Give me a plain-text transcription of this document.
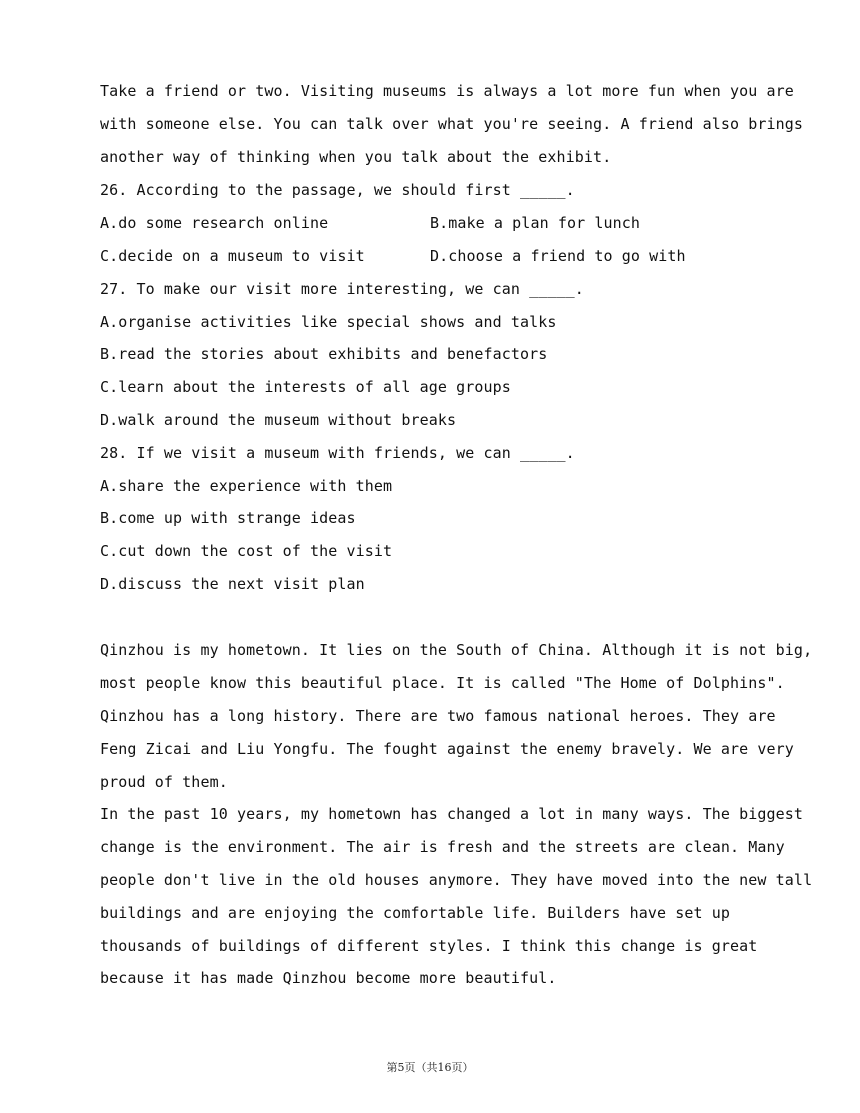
Take a friend or two. Visiting museums is always a lot more fun when you are
with someone else. You can talk over what you're seeing. A friend also brings
another way of thinking when you talk about the exhibit.
26. According to the passage, we should first _____.
A.do some research online	B.make a plan for lunch
C.decide on a museum to visit	D.choose a friend to go with
27. To make our visit more interesting, we can _____.
A.organise activities like special shows and talks
B.read the stories about exhibits and benefactors
C.learn about the interests of all age groups
D.walk around the museum without breaks
28. If we visit a museum with friends, we can _____.
A.share the experience with them
B.come up with strange ideas
C.cut down the cost of the visit
D.discuss the next visit plan
Qinzhou is my hometown. It lies on the South of China. Although it is not big,
most people know this beautiful place. It is called "The Home of Dolphins".
Qinzhou has a long history. There are two famous national heroes. They are
Feng Zicai and Liu Yongfu. The fought against the enemy bravely. We are very
proud of them.
In the past 10 years, my hometown has changed a lot in many ways. The biggest
change is the environment. The air is fresh and the streets are clean. Many
people don't live in the old houses anymore. They have moved into the new tall
buildings and are enjoying the comfortable life. Builders have set up
thousands of buildings of different styles. I think this change is great
because it has made Qinzhou become more beautiful.
第5页（共16页）
